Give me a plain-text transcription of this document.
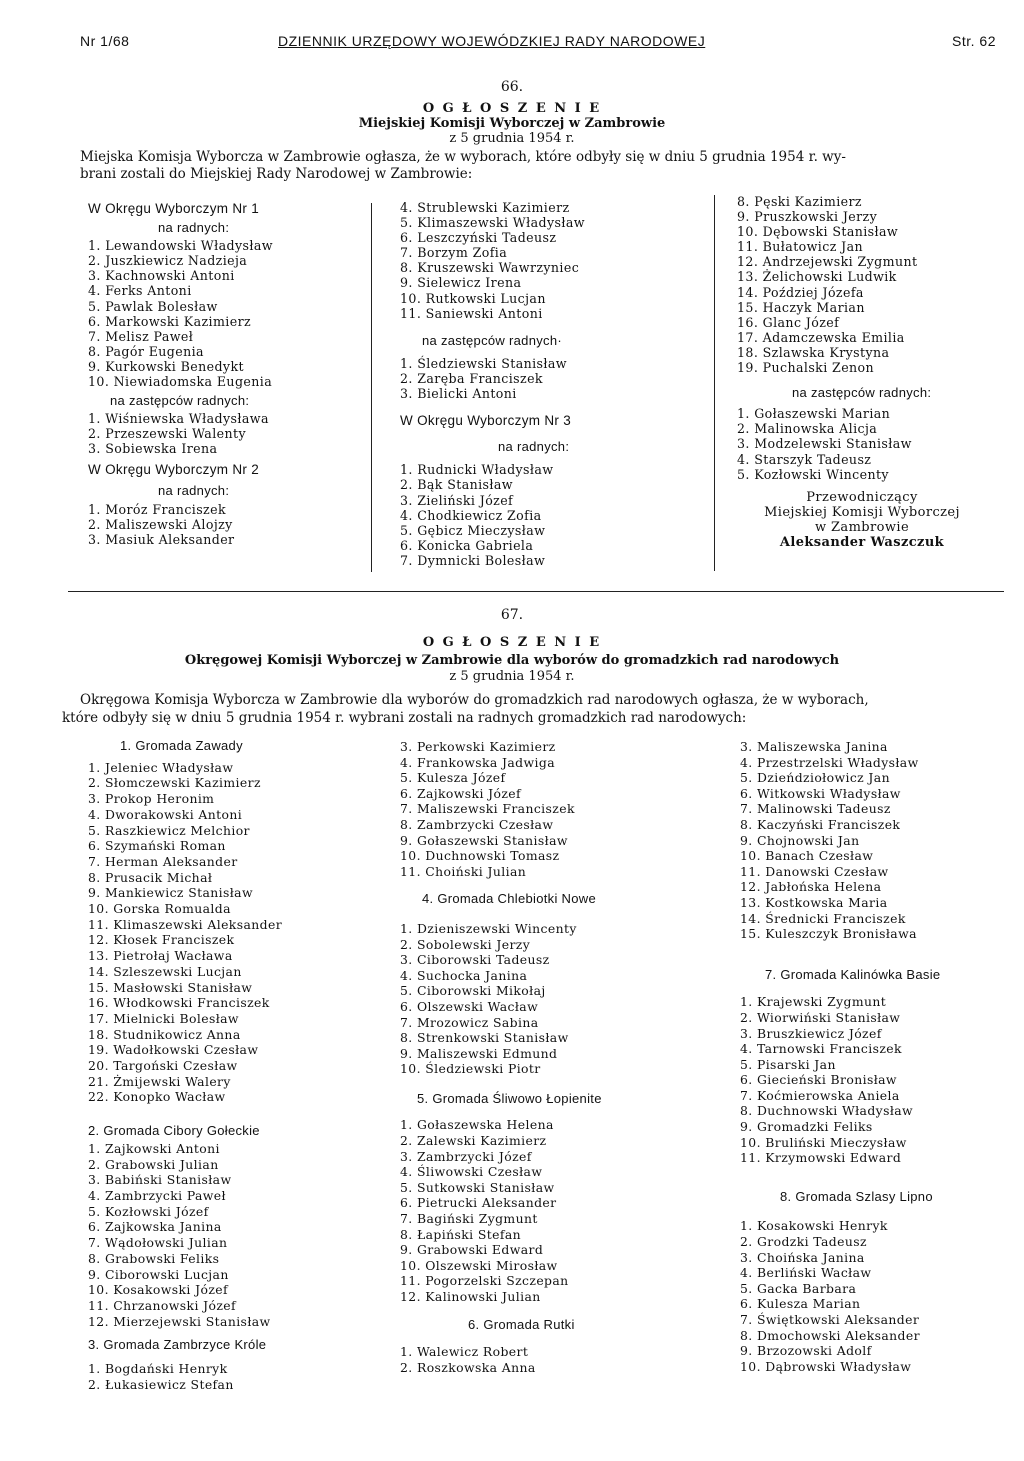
Nr 1/68	DZIENNIK URZĘDOWY WOJEWÓDZKIEJ RADY NARODOWEJ	Str. 62
66.
O G Ł O S Z E N I E
Miejskiej Komisji Wyborczej w Zambrowie
z 5 grudnia 1954 r.
Miejska Komisja Wyborcza w Zambrowie ogłasza, że w wyborach, które odbyły się w dniu 5 grudnia 1954 r. wy-
brani zostali do Miejskiej Rady Narodowej w Zambrowie:
W Okręgu Wyborczym Nr 1
na radnych:
1. Lewandowski Władysław
2. Juszkiewicz Nadzieja
3. Kachnowski Antoni
4. Ferks Antoni
5. Pawlak Bolesław
6. Markowski Kazimierz
7. Melisz Paweł
8. Pagór Eugenia
9. Kurkowski Benedykt
10. Niewiadomska Eugenia
na zastępców radnych:
1. Wiśniewska Władysława
2. Przeszewski Walenty
3. Sobiewska Irena
W Okręgu Wyborczym Nr 2
na radnych:
1. Moróz Franciszek
2. Maliszewski Alojzy
3. Masiuk Aleksander
4. Strublewski Kazimierz
5. Klimaszewski Władysław
6. Leszczyński Tadeusz
7. Borzym Zofia
8. Kruszewski Wawrzyniec
9. Sielewicz Irena
10. Rutkowski Lucjan
11. Saniewski Antoni
na zastępców radnych·
1. Śledziewski Stanisław
2. Zaręba Franciszek
3. Bielicki Antoni
W Okręgu Wyborczym Nr 3
na radnych:
1. Rudnicki Władysław
2. Bąk Stanisław
3. Zieliński Józef
4. Chodkiewicz Zofia
5. Gębicz Mieczysław
6. Konicka Gabriela
7. Dymnicki Bolesław
8. Pęski Kazimierz
9. Pruszkowski Jerzy
10. Dębowski Stanisław
11. Bułatowicz Jan
12. Andrzejewski Zygmunt
13. Żelichowski Ludwik
14. Poździej Józefa
15. Haczyk Marian
16. Glanc Józef
17. Adamczewska Emilia
18. Szlawska Krystyna
19. Puchalski Zenon
na zastępców radnych:
1. Gołaszewski Marian
2. Malinowska Alicja
3. Modzelewski Stanisław
4. Starszyk Tadeusz
5. Kozłowski Wincenty
Przewodniczący
Miejskiej Komisji Wyborczej
w Zambrowie
Aleksander Waszczuk
67.
O G Ł O S Z E N I E
Okręgowej Komisji Wyborczej w Zambrowie dla wyborów do gromadzkich rad narodowych
z 5 grudnia 1954 r.
Okręgowa Komisja Wyborcza w Zambrowie dla wyborów do gromadzkich rad narodowych ogłasza, że w wyborach,
które odbyły się w dniu 5 grudnia 1954 r. wybrani zostali na radnych gromadzkich rad narodowych:
1. Gromada Zawady
1. Jeleniec Władysław
2. Słomczewski Kazimierz
3. Prokop Heronim
4. Dworakowski Antoni
5. Raszkiewicz Melchior
6. Szymański Roman
7. Herman Aleksander
8. Prusacik Michał
9. Mankiewicz Stanisław
10. Gorska Romualda
11. Klimaszewski Aleksander
12. Kłosek Franciszek
13. Pietrołaj Wacława
14. Szleszewski Lucjan
15. Masłowski Stanisław
16. Włodkowski Franciszek
17. Mielnicki Bolesław
18. Studnikowicz Anna
19. Wadołkowski Czesław
20. Targoński Czesław
21. Żmijewski Walery
22. Konopko Wacław
2. Gromada Cibory Gołeckie
1. Zajkowski Antoni
2. Grabowski Julian
3. Babiński Stanisław
4. Zambrzycki Paweł
5. Kozłowski Józef
6. Zajkowska Janina
7. Wądołowski Julian
8. Grabowski Feliks
9. Ciborowski Lucjan
10. Kosakowski Józef
11. Chrzanowski Józef
12. Mierzejewski Stanisław
3. Gromada Zambrzyce Króle
1. Bogdański Henryk
2. Łukasiewicz Stefan
3. Perkowski Kazimierz
4. Frankowska Jadwiga
5. Kulesza Józef
6. Zajkowski Józef
7. Maliszewski Franciszek
8. Zambrzycki Czesław
9. Gołaszewski Stanisław
10. Duchnowski Tomasz
11. Choiński Julian
4. Gromada Chlebiotki Nowe
1. Dzieniszewski Wincenty
2. Sobolewski Jerzy
3. Ciborowski Tadeusz
4. Suchocka Janina
5. Ciborowski Mikołaj
6. Olszewski Wacław
7. Mrozowicz Sabina
8. Strenkowski Stanisław
9. Maliszewski Edmund
10. Śledziewski Piotr
5. Gromada Śliwowo Łopienite
1. Gołaszewska Helena
2. Zalewski Kazimierz
3. Zambrzycki Józef
4. Śliwowski Czesław
5. Sutkowski Stanisław
6. Pietrucki Aleksander
7. Bagiński Zygmunt
8. Łapiński Stefan
9. Grabowski Edward
10. Olszewski Mirosław
11. Pogorzelski Szczepan
12. Kalinowski Julian
6. Gromada Rutki
1. Walewicz Robert
2. Roszkowska Anna
3. Maliszewska Janina
4. Przestrzelski Władysław
5. Dzieńdziołowicz Jan
6. Witkowski Władysław
7. Malinowski Tadeusz
8. Kaczyński Franciszek
9. Chojnowski Jan
10. Banach Czesław
11. Danowski Czesław
12. Jabłońska Helena
13. Kostkowska Maria
14. Średnicki Franciszek
15. Kuleszczyk Bronisława
7. Gromada Kalinówka Basie
1. Krajewski Zygmunt
2. Wiorwiński Stanisław
3. Bruszkiewicz Józef
4. Tarnowski Franciszek
5. Pisarski Jan
6. Giecieński Bronisław
7. Koćmierowska Aniela
8. Duchnowski Władysław
9. Gromadzki Feliks
10. Bruliński Mieczysław
11. Krzymowski Edward
8. Gromada Szlasy Lipno
1. Kosakowski Henryk
2. Grodzki Tadeusz
3. Choińska Janina
4. Berliński Wacław
5. Gacka Barbara
6. Kulesza Marian
7. Świętkowski Aleksander
8. Dmochowski Aleksander
9. Brzozowski Adolf
10. Dąbrowski Władysław
